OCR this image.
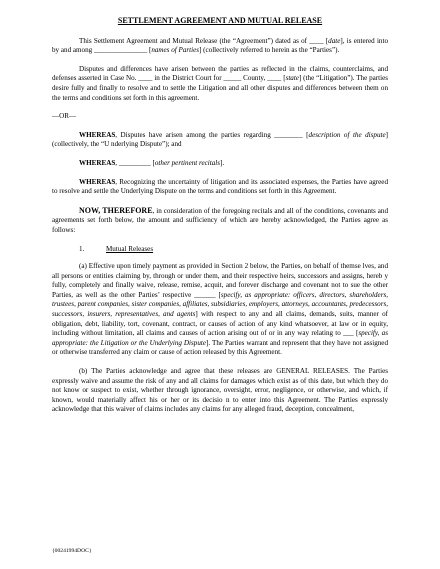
SETTLEMENT AGREEMENT AND MUTUAL RELEASE

This Settlement Agreement and Mutual Release (the “Agreement”) dated as of ____ [date], is entered into by and among _______________ [names of Parties] (collectively referred to herein as the “Parties”).

Disputes and differences have arisen between the parties as reflected in the claims, counterclaims, and defenses asserted in Case No. ____ in the District Court for _____ County, ____ [state] (the “Litigation”). The parties desire fully and finally to resolve and to settle the Litigation and all other disputes and differences between them on the terms and conditions set forth in this agreement.

—OR—

WHEREAS, Disputes have arisen among the parties regarding ________ [description of the dispute] (collectively, the “U nderlying Dispute”); and

WHEREAS, _________ [other pertinent recitals].

WHEREAS, Recognizing the uncertainty of litigation and its associated expenses, the Parties have agreed to resolve and settle the Underlying Dispute on the terms and conditions set forth in this Agreement.

NOW, THEREFORE, in consideration of the foregoing recitals and all of the conditions, covenants and agreements set forth below, the amount and sufficiency of which are hereby acknowledged, the Parties agree as follows:

1.	Mutual Releases

(a) Effective upon timely payment as provided in Section 2 below, the Parties, on behalf of themse lves, and all persons or entities claiming by, through or under them, and their respective heirs, successors and assigns, hereb y fully, completely and finally waive, release, remise, acquit, and forever discharge and covenant not to sue the other Parties, as well as the other Parties’ respective ______ [specify, as appropriate: officers, directors, shareholders, trustees, parent companies, sister companies, affiliates, subsidiaries, employers, attorneys, accountants, predecessors, successors, insurers, representatives, and agents] with respect to any and all claims, demands, suits, manner of obligation, debt, liability, tort, covenant, contract, or causes of action of any kind whatsoever, at law or in equity, including without limitation, all claims and causes of action arising out of or in any way relating to ___ [specify, as appropriate: the Litigation or the Underlying Dispute]. The Parties warrant and represent that they have not assigned or otherwise transferred any claim or cause of action released by this Agreement.

(b) The Parties acknowledge and agree that these releases are GENERAL RELEASES. The Parties expressly waive and assume the risk of any and all claims for damages which exist as of this date, but which they do not know or suspect to exist, whether through ignorance, oversight, error, negligence, or otherwise, and which, if known, would materially affect his or her or its decisio n to enter into this Agreement. The Parties expressly acknowledge that this waiver of claims includes any claims for any alleged fraud, deception, concealment,

{00241994DOC}
